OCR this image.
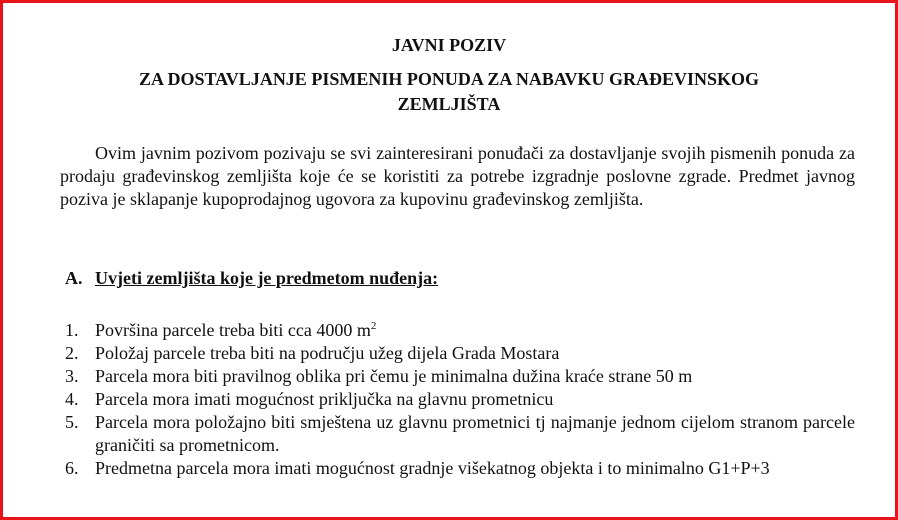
JAVNI POZIV
ZA DOSTAVLJANJE PISMENIH PONUDA ZA NABAVKU GRAĐEVINSKOG
ZEMLJIŠTA

Ovim javnim pozivom pozivaju se svi zainteresirani ponuđači za dostavljanje svojih pismenih ponuda za prodaju građevinskog zemljišta koje će se koristiti za potrebe izgradnje poslovne zgrade. Predmet javnog poziva je sklapanje kupoprodajnog ugovora za kupovinu građevinskog zemljišta.

A. Uvjeti zemljišta koje je predmetom nuđenja:
1. Površina parcele treba biti cca 4000 $m^2$
2. Položaj parcele treba biti na području užeg dijela Grada Mostara
3. Parcela mora biti pravilnog oblika pri čemu je minimalna dužina kraće strane 50 m
4. Parcela mora imati mogućnost priključka na glavnu prometnicu
5. Parcela mora položajno biti smještena uz glavnu prometnici tj najmanje jednom cijelom stranom parcele graničiti sa prometnicom.
6. Predmetna parcela mora imati mogućnost gradnje višekatnog objekta i to minimalno G1+P+3
